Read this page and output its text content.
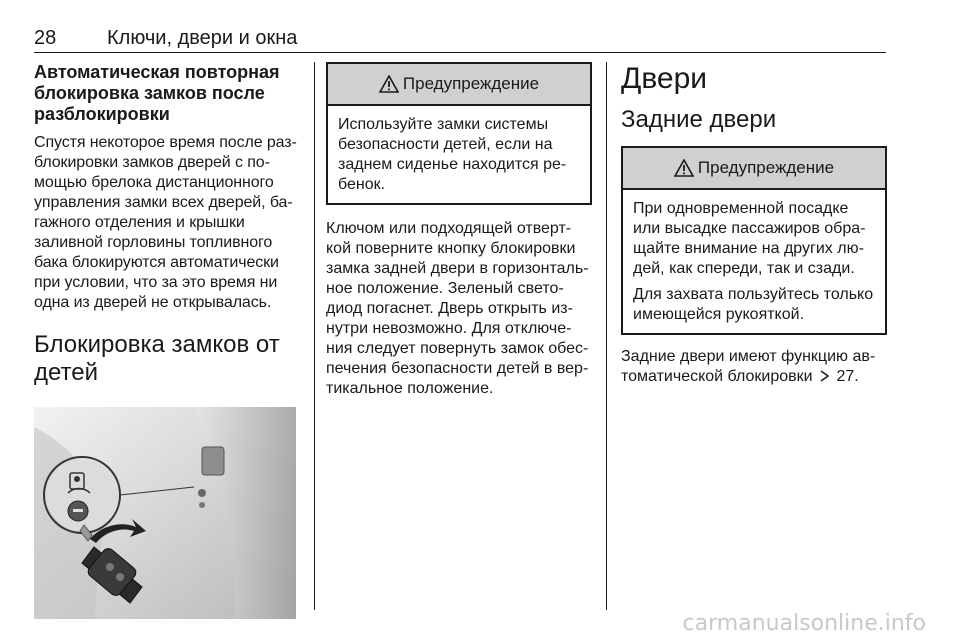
28	Ключи, двери и окна
Автоматическая повторная блокировка замков после разблокировки
Спустя некоторое время после раз-блокировки замков дверей с по-мощью брелока дистанционного управления замки всех дверей, ба-гажного отделения и крышки заливной горловины топливного бака блокируются автоматически при условии, что за это время ни одна из дверей не открывалась.
Блокировка замков от детей
Предупреждение

Используйте замки системы безопасности детей, если на заднем сиденье находится ре-бенок.

Ключом или подходящей отверт-кой поверните кнопку блокировки замка задней двери в горизонталь-ное положение. Зеленый свето-диод погаснет. Дверь открыть из-нутри невозможно. Для отключе-ния следует повернуть замок обес-печения безопасности детей в вер-тикальное положение.
Двери
Задние двери
Предупреждение

При одновременной посадке или высадке пассажиров обра-щайте внимание на других лю-дей, как спереди, так и сзади.

Для захвата пользуйтесь только имеющейся рукояткой.

Задние двери имеют функцию ав-томатической блокировки 27.
carmanualsonline.info
